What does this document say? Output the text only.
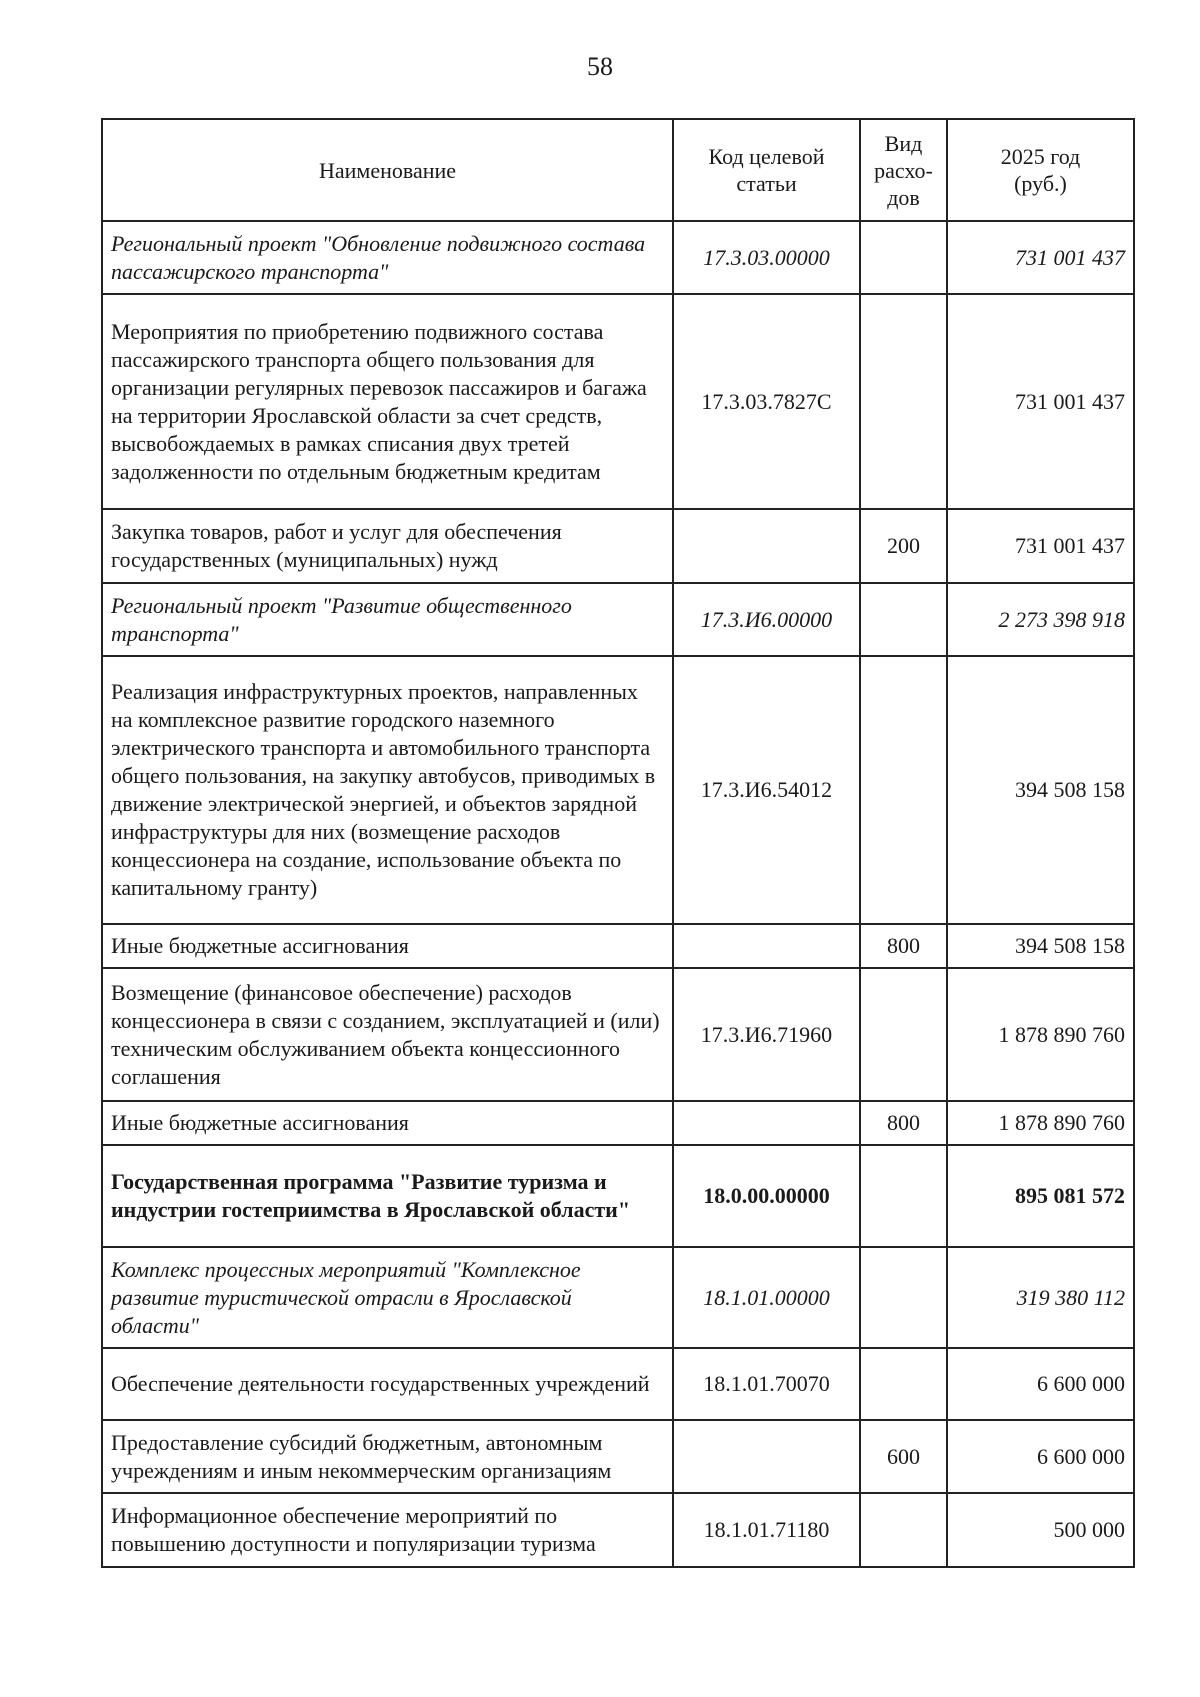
58
Наименование	Код целевой статьи	Вид расхо-дов	2025 год (руб.)
Региональный проект "Обновление подвижного состава пассажирского транспорта"	17.3.03.00000		731 001 437
Мероприятия по приобретению подвижного состава пассажирского транспорта общего пользования для организации регулярных перевозок пассажиров и багажа на территории Ярославской области за счет средств, высвобождаемых в рамках списания двух третей задолженности по отдельным бюджетным кредитам	17.3.03.7827С		731 001 437
Закупка товаров, работ и услуг для обеспечения государственных (муниципальных) нужд		200	731 001 437
Региональный проект "Развитие общественного транспорта"	17.3.И6.00000		2 273 398 918
Реализация инфраструктурных проектов, направленных на комплексное развитие городского наземного электрического транспорта и автомобильного транспорта общего пользования, на закупку автобусов, приводимых в движение электрической энергией, и объектов зарядной инфраструктуры для них (возмещение расходов концессионера на создание, использование объекта по капитальному гранту)	17.3.И6.54012		394 508 158
Иные бюджетные ассигнования		800	394 508 158
Возмещение (финансовое обеспечение) расходов концессионера в связи с созданием, эксплуатацией и (или) техническим обслуживанием объекта концессионного соглашения	17.3.И6.71960		1 878 890 760
Иные бюджетные ассигнования		800	1 878 890 760
Государственная программа "Развитие туризма и индустрии гостеприимства в Ярославской области"	18.0.00.00000		895 081 572
Комплекс процессных мероприятий "Комплексное развитие туристической отрасли в Ярославской области"	18.1.01.00000		319 380 112
Обеспечение деятельности государственных учреждений	18.1.01.70070		6 600 000
Предоставление субсидий бюджетным, автономным учреждениям и иным некоммерческим организациям		600	6 600 000
Информационное обеспечение мероприятий по повышению доступности и популяризации туризма	18.1.01.71180		500 000
